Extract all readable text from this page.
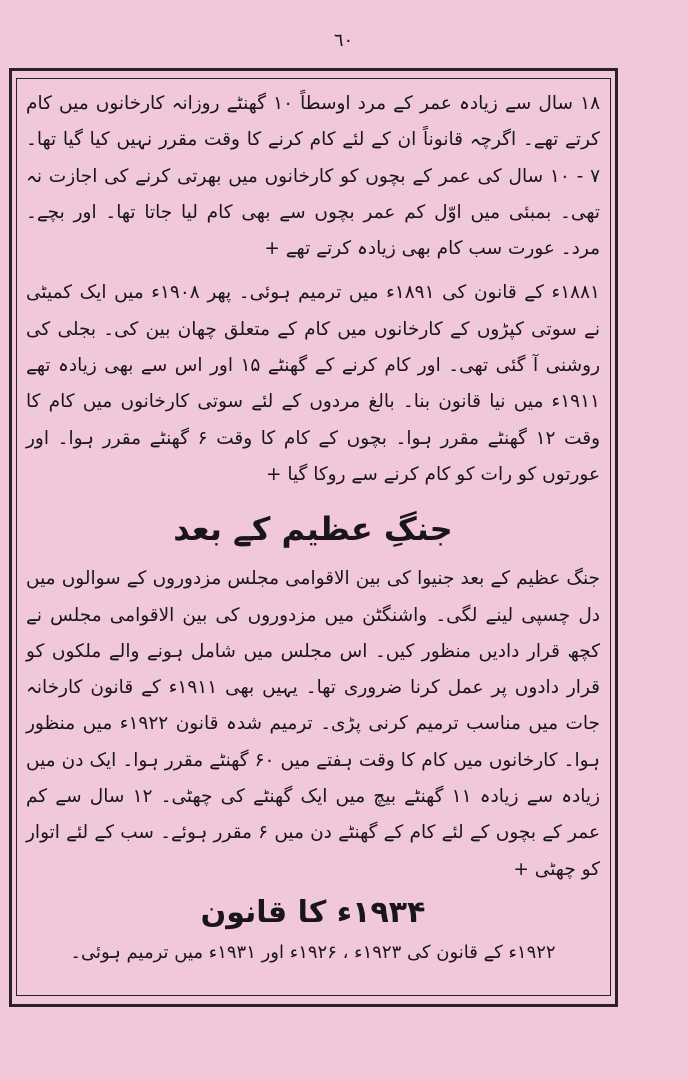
٦٠

۱۸ سال سے زیادہ عمر کے مرد اوسطاً ۱۰ گھنٹے روزانہ کارخانوں میں کام کرتے تھے۔ اگرچہ قانوناً ان کے لئے کام کرنے کا وقت مقرر نہیں کیا گیا تھا۔ ۷ - ۱۰ سال کی عمر کے بچوں کو کارخانوں میں بھرتی کرنے کی اجازت نہ تھی۔ بمبئی میں اوّل کم عمر بچوں سے بھی کام لیا جاتا تھا۔ اور بچے۔ مرد۔ عورت سب کام بھی زیادہ کرتے تھے +

۱۸۸۱ء کے قانون کی ۱۸۹۱ء میں ترمیم ہوئی۔ پھر ۱۹۰۸ء میں ایک کمیٹی نے سوتی کپڑوں کے کارخانوں میں کام کے متعلق چھان بین کی۔ بجلی کی روشنی آ گئی تھی۔ اور کام کرنے کے گھنٹے ۱۵ اور اس سے بھی زیادہ تھے ۱۹۱۱ء میں نیا قانون بنا۔ بالغ مردوں کے لئے سوتی کارخانوں میں کام کا وقت ۱۲ گھنٹے مقرر ہوا۔ بچوں کے کام کا وقت ۶ گھنٹے مقرر ہوا۔ اور عورتوں کو رات کو کام کرنے سے روکا گیا +

جنگِ عظیم کے بعد

جنگ عظیم کے بعد جنیوا کی بین الاقوامی مجلس مزدوروں کے سوالوں میں دل چسپی لینے لگی۔ واشنگٹن میں مزدوروں کی بین الاقوامی مجلس نے کچھ قرار دادیں منظور کیں۔ اس مجلس میں شامل ہونے والے ملکوں کو قرار دادوں پر عمل کرنا ضروری تھا۔ یہیں بھی ۱۹۱۱ء کے قانون کارخانہ جات میں مناسب ترمیم کرنی پڑی۔ ترمیم شدہ قانون ۱۹۲۲ء میں منظور ہوا۔ کارخانوں میں کام کا وقت ہفتے میں ۶۰ گھنٹے مقرر ہوا۔ ایک دن میں زیادہ سے زیادہ ۱۱ گھنٹے بیچ میں ایک گھنٹے کی چھٹی۔ ۱۲ سال سے کم عمر کے بچوں کے لئے کام کے گھنٹے دن میں ۶ مقرر ہوئے۔ سب کے لئے اتوار کو چھٹی +

۱۹۳۴ء کا قانون

۱۹۲۲ء کے قانون کی ۱۹۲۳ء ، ۱۹۲۶ء اور ۱۹۳۱ء میں ترمیم ہوئی۔
